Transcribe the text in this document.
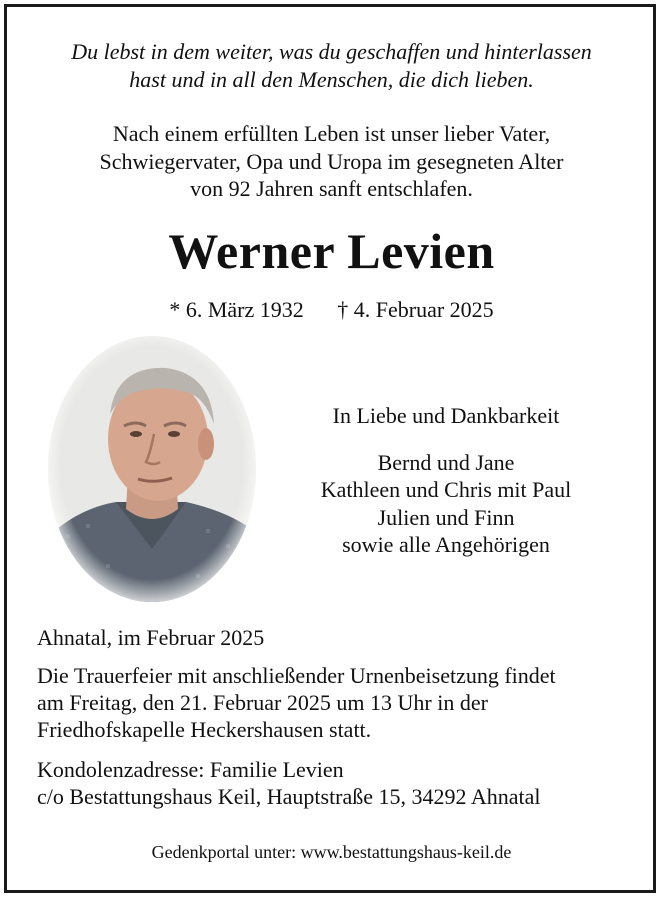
Du lebst in dem weiter, was du geschaffen und hinterlassen
hast und in all den Menschen, die dich lieben.
Nach einem erfüllten Leben ist unser lieber Vater,
Schwiegervater, Opa und Uropa im gesegneten Alter
von 92 Jahren sanft entschlafen.
Werner Levien
* 6. März 1932 † 4. Februar 2025
In Liebe und Dankbarkeit
Bernd und Jane
Kathleen und Chris mit Paul
Julien und Finn
sowie alle Angehörigen
Ahnatal, im Februar 2025
Die Trauerfeier mit anschließender Urnenbeisetzung findet
am Freitag, den 21. Februar 2025 um 13 Uhr in der
Friedhofskapelle Heckershausen statt.
Kondolenzadresse: Familie Levien
c/o Bestattungshaus Keil, Hauptstraße 15, 34292 Ahnatal
Gedenkportal unter: www.bestattungshaus-keil.de
